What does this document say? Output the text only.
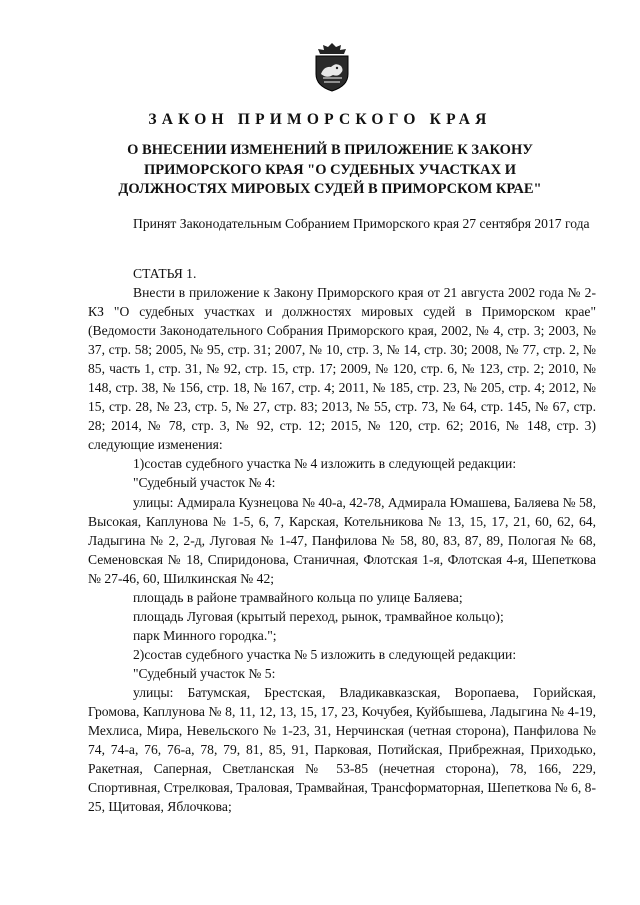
ЗАКОН ПРИМОРСКОГО КРАЯ
О ВНЕСЕНИИ ИЗМЕНЕНИЙ В ПРИЛОЖЕНИЕ К ЗАКОНУ ПРИМОРСКОГО КРАЯ "О СУДЕБНЫХ УЧАСТКАХ И ДОЛЖНОСТЯХ МИРОВЫХ СУДЕЙ В ПРИМОРСКОМ КРАЕ"

Принят Законодательным Собранием Приморского края 27 сентября 2017 года

СТАТЬЯ 1.

Внести в приложение к Закону Приморского края от 21 августа 2002 года № 2-КЗ "О судебных участках и должностях мировых судей в Приморском крае" (Ведомости Законодательного Собрания Приморского края, 2002, № 4, стр. 3; 2003, № 37, стр. 58; 2005, № 95, стр. 31; 2007, № 10, стр. 3, № 14, стр. 30; 2008, № 77, стр. 2, № 85, часть 1, стр. 31, № 92, стр. 15, стр. 17; 2009, № 120, стр. 6, № 123, стр. 2; 2010, № 148, стр. 38, № 156, стр. 18, № 167, стр. 4; 2011, № 185, стр. 23, № 205, стр. 4; 2012, № 15, стр. 28, № 23, стр. 5, № 27, стр. 83; 2013, № 55, стр. 73, № 64, стр. 145, № 67, стр. 28; 2014, № 78, стр. 3, № 92, стр. 12; 2015, № 120, стр. 62; 2016, № 148, стр. 3) следующие изменения:

1)состав судебного участка № 4 изложить в следующей редакции:

"Судебный участок № 4:

улицы: Адмирала Кузнецова № 40-а, 42-78, Адмирала Юмашева, Баляева № 58, Высокая, Каплунова № 1-5, 6, 7, Карская, Котельникова № 13, 15, 17, 21, 60, 62, 64, Ладыгина № 2, 2-д, Луговая № 1-47, Панфилова № 58, 80, 83, 87, 89, Пологая № 68, Семеновская № 18, Спиридонова, Станичная, Флотская 1-я, Флотская 4-я, Шепеткова № 27-46, 60, Шилкинская № 42;

площадь в районе трамвайного кольца по улице Баляева;

площадь Луговая (крытый переход, рынок, трамвайное кольцо);

парк Минного городка.";

2)состав судебного участка № 5 изложить в следующей редакции:

"Судебный участок № 5:

улицы: Батумская, Брестская, Владикавказская, Воропаева, Горийская, Громова, Каплунова № 8, 11, 12, 13, 15, 17, 23, Кочубея, Куйбышева, Ладыгина № 4-19, Мехлиса, Мира, Невельского № 1-23, 31, Нерчинская (четная сторона), Панфилова № 74, 74-а, 76, 76-а, 78, 79, 81, 85, 91, Парковая, Потийская, Прибрежная, Приходько, Ракетная, Саперная, Светланская № 53-85 (нечетная сторона), 78, 166, 229, Спортивная, Стрелковая, Траловая, Трамвайная, Трансформаторная, Шепеткова № 6, 8-25, Щитовая, Яблочкова;
